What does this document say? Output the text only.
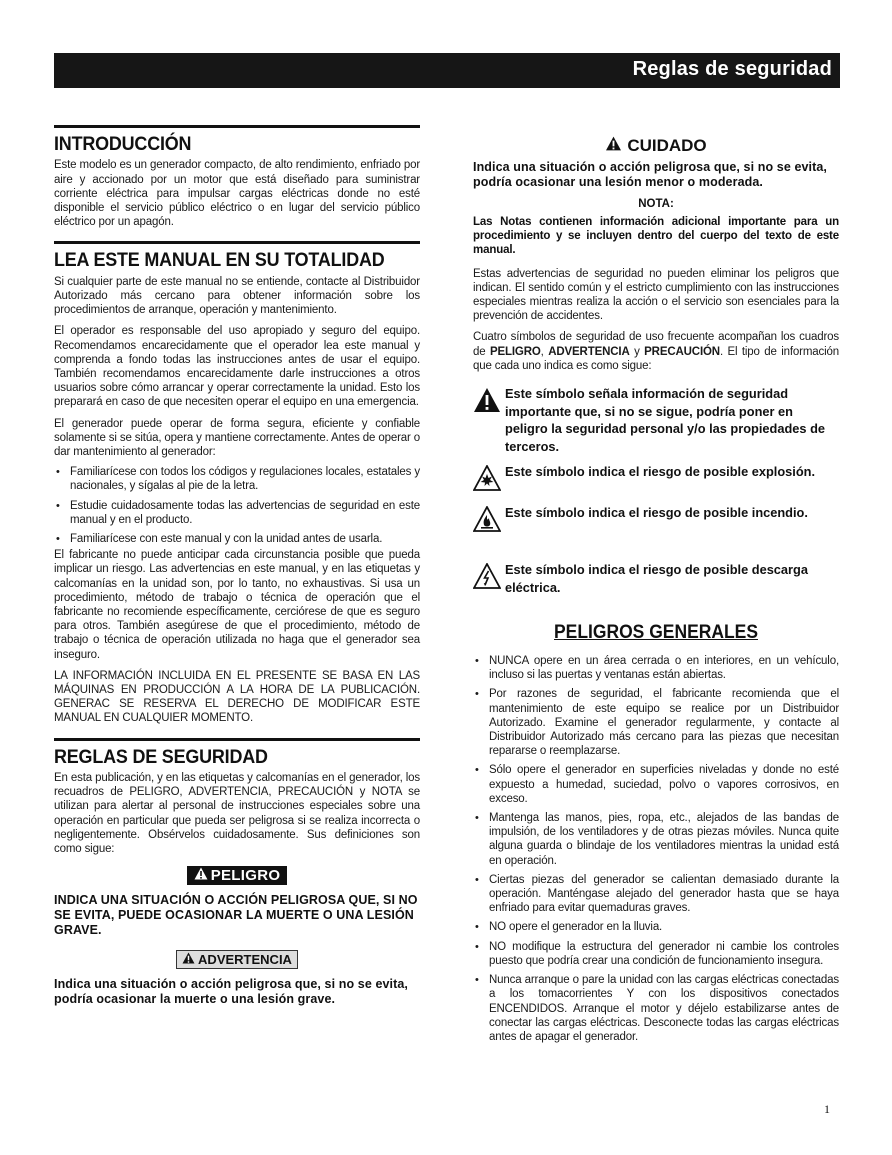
Reglas de seguridad
INTRODUCCIÓN
Este modelo es un generador compacto, de alto rendimiento, enfriado por aire y accionado por un motor que está diseñado para suministrar corriente eléctrica para impulsar cargas eléctricas donde no esté disponible el servicio público eléctrico o en lugar del servicio público eléctrico por un apagón.
LEA ESTE MANUAL EN SU TOTALIDAD
Si cualquier parte de este manual no se entiende, contacte al Distribuidor Autorizado más cercano para obtener información sobre los procedimientos de arranque, operación y mantenimiento.
El operador es responsable del uso apropiado y seguro del equipo. Recomendamos encarecidamente que el operador lea este manual y comprenda a fondo todas las instrucciones antes de usar el equipo. También recomendamos encarecidamente darle instrucciones a otros usuarios sobre cómo arrancar y operar correctamente la unidad. Esto los preparará en caso de que necesiten operar el equipo en una emergencia.
El generador puede operar de forma segura, eficiente y confiable solamente si se sitúa, opera y mantiene correctamente. Antes de operar o dar mantenimiento al generador:
• Familiarícese con todos los códigos y regulaciones locales, estatales y nacionales, y sígalas al pie de la letra.
• Estudie cuidadosamente todas las advertencias de seguridad en este manual y en el producto.
• Familiarícese con este manual y con la unidad antes de usarla.
El fabricante no puede anticipar cada circunstancia posible que pueda implicar un riesgo. Las advertencias en este manual, y en las etiquetas y calcomanías en la unidad son, por lo tanto, no exhaustivas. Si usa un procedimiento, método de trabajo o técnica de operación que el fabricante no recomiende específicamente, cerciórese de que es seguro para otros. También asegúrese de que el procedimiento, método de trabajo o técnica de operación utilizada no haga que el generador sea inseguro.
LA INFORMACIÓN INCLUIDA EN EL PRESENTE SE BASA EN LAS MÁQUINAS EN PRODUCCIÓN A LA HORA DE LA PUBLICACIÓN. GENERAC SE RESERVA EL DERECHO DE MODIFICAR ESTE MANUAL EN CUALQUIER MOMENTO.
REGLAS DE SEGURIDAD
En esta publicación, y en las etiquetas y calcomanías en el generador, los recuadros de PELIGRO, ADVERTENCIA, PRECAUCIÓN y NOTA se utilizan para alertar al personal de instrucciones especiales sobre una operación en particular que pueda ser peligrosa si se realiza incorrecta o negligentemente. Obsérvelos cuidadosamente. Sus definiciones son como sigue:
PELIGRO
INDICA UNA SITUACIÓN O ACCIÓN PELIGROSA QUE, SI NO SE EVITA, PUEDE OCASIONAR LA MUERTE O UNA LESIÓN GRAVE.
ADVERTENCIA
Indica una situación o acción peligrosa que, si no se evita, podría ocasionar la muerte o una lesión grave.
CUIDADO
Indica una situación o acción peligrosa que, si no se evita, podría ocasionar una lesión menor o moderada.
NOTA:
Las Notas contienen información adicional importante para un procedimiento y se incluyen dentro del cuerpo del texto de este manual.
Estas advertencias de seguridad no pueden eliminar los peligros que indican. El sentido común y el estricto cumplimiento con las instrucciones especiales mientras realiza la acción o el servicio son esenciales para la prevención de accidentes.
Cuatro símbolos de seguridad de uso frecuente acompañan los cuadros de PELIGRO, ADVERTENCIA y PRECAUCIÓN. El tipo de información que cada uno indica es como sigue:
Este símbolo señala información de seguridad importante que, si no se sigue, podría poner en peligro la seguridad personal y/o las propiedades de terceros.
Este símbolo indica el riesgo de posible explosión.
Este símbolo indica el riesgo de posible incendio.
Este símbolo indica el riesgo de posible descarga eléctrica.
PELIGROS GENERALES
• NUNCA opere en un área cerrada o en interiores, en un vehículo, incluso si las puertas y ventanas están abiertas.
• Por razones de seguridad, el fabricante recomienda que el mantenimiento de este equipo se realice por un Distribuidor Autorizado. Examine el generador regularmente, y contacte al Distribuidor Autorizado más cercano para las piezas que necesitan repararse o reemplazarse.
• Sólo opere el generador en superficies niveladas y donde no esté expuesto a humedad, suciedad, polvo o vapores corrosivos, en exceso.
• Mantenga las manos, pies, ropa, etc., alejados de las bandas de impulsión, de los ventiladores y de otras piezas móviles. Nunca quite alguna guarda o blindaje de los ventiladores mientras la unidad está en operación.
• Ciertas piezas del generador se calientan demasiado durante la operación. Manténgase alejado del generador hasta que se haya enfriado para evitar quemaduras graves.
• NO opere el generador en la lluvia.
• NO modifique la estructura del generador ni cambie los controles puesto que podría crear una condición de funcionamiento insegura.
• Nunca arranque o pare la unidad con las cargas eléctricas conectadas a los tomacorrientes Y con los dispositivos conectados ENCENDIDOS. Arranque el motor y déjelo estabilizarse antes de conectar las cargas eléctricas. Desconecte todas las cargas eléctricas antes de apagar el generador.
1
